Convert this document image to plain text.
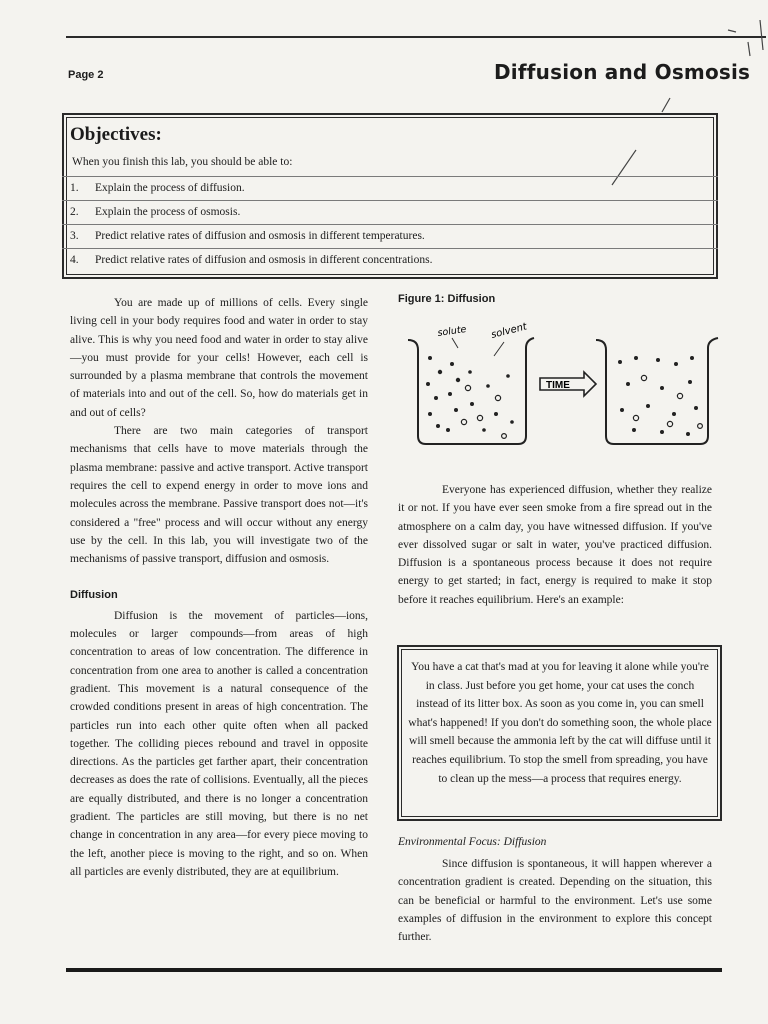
Page 2	Diffusion and Osmosis
Objectives:
When you finish this lab, you should be able to:
1. Explain the process of diffusion.
2. Explain the process of osmosis.
3. Predict relative rates of diffusion and osmosis in different temperatures.
4. Predict relative rates of diffusion and osmosis in different concentrations.

You are made up of millions of cells. Every single living cell in your body requires food and water in order to stay alive. This is why you need food and water in order to stay alive—you must provide for your cells! However, each cell is surrounded by a plasma membrane that controls the movement of materials into and out of the cell. So, how do materials get in and out of cells?

There are two main categories of transport mechanisms that cells have to move materials through the plasma membrane: passive and active transport. Active transport requires the cell to expend energy in order to move ions and molecules across the membrane. Passive transport does not—it's considered a "free" process and will occur without any energy use by the cell. In this lab, you will investigate two of the mechanisms of passive transport, diffusion and osmosis.

Diffusion

Diffusion is the movement of particles—ions, molecules or larger compounds—from areas of high concentration to areas of low concentration. The difference in concentration from one area to another is called a concentration gradient. This movement is a natural consequence of the crowded conditions present in areas of high concentration. The particles run into each other quite often when all packed together. The colliding pieces rebound and travel in opposite directions. As the particles get farther apart, their concentration decreases as does the rate of collisions. Eventually, all the pieces are equally distributed, and there is no longer a concentration gradient. The particles are still moving, but there is no net change in concentration in any area—for every piece moving to the left, another piece is moving to the right, and so on. When all particles are evenly distributed, they are at equilibrium.

Figure 1: Diffusion
solute solvent
TIME

Everyone has experienced diffusion, whether they realize it or not. If you have ever seen smoke from a fire spread out in the atmosphere on a calm day, you have witnessed diffusion. If you've ever dissolved sugar or salt in water, you've practiced diffusion. Diffusion is a spontaneous process because it does not require energy to get started; in fact, energy is required to make it stop before it reaches equilibrium. Here's an example:

You have a cat that's mad at you for leaving it alone while you're in class. Just before you get home, your cat uses the conch instead of its litter box. As soon as you come in, you can smell what's happened! If you don't do something soon, the whole place will smell because the ammonia left by the cat will diffuse until it reaches equilibrium. To stop the smell from spreading, you have to clean up the mess—a process that requires energy.
Environmental Focus: Diffusion

Since diffusion is spontaneous, it will happen wherever a concentration gradient is created. Depending on the situation, this can be beneficial or harmful to the environment. Let's use some examples of diffusion in the environment to explore this concept further.
